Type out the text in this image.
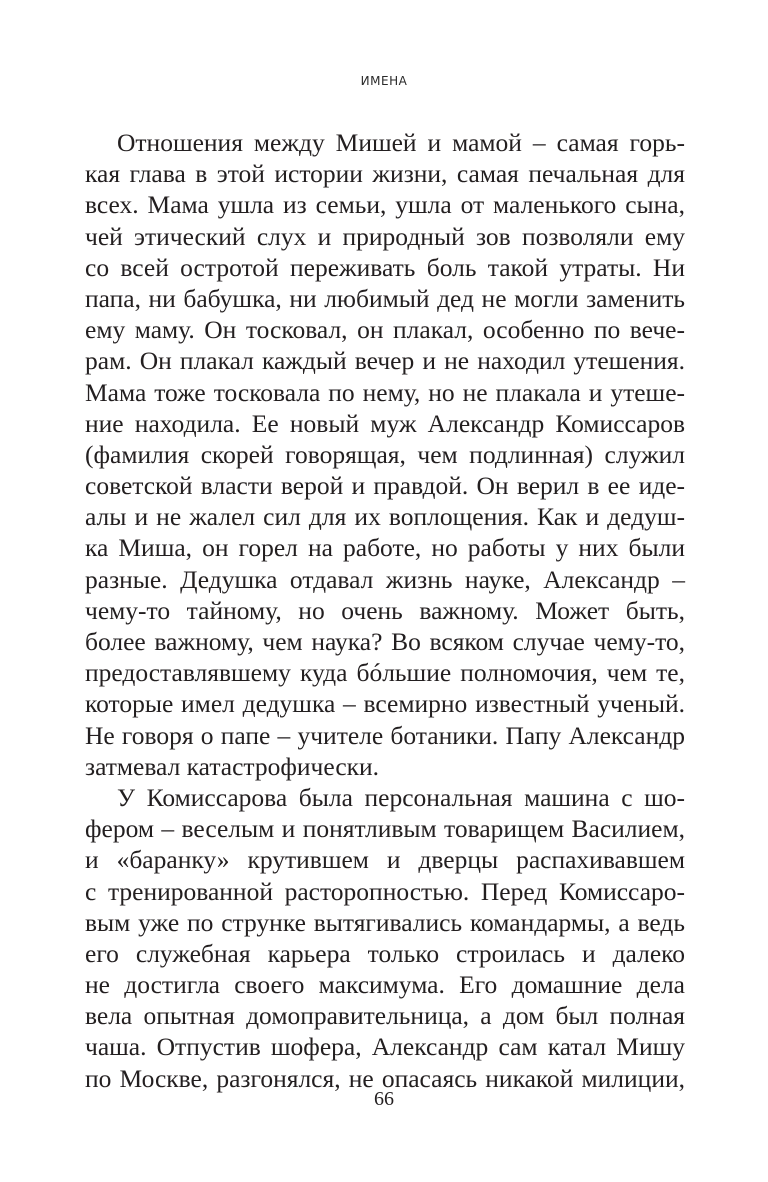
ИМЕНА
Отношения между Мишей и мамой – самая горь-
кая глава в этой истории жизни, самая печальная для
всех. Мама ушла из семьи, ушла от маленького сына,
чей этический слух и природный зов позволяли ему
со всей остротой переживать боль такой утраты. Ни
папа, ни бабушка, ни любимый дед не могли заменить
ему маму. Он тосковал, он плакал, особенно по вече-
рам. Он плакал каждый вечер и не находил утешения.
Мама тоже тосковала по нему, но не плакала и утеше-
ние находила. Ее новый муж Александр Комиссаров
(фамилия скорей говорящая, чем подлинная) служил
советской власти верой и правдой. Он верил в ее иде-
алы и не жалел сил для их воплощения. Как и дедуш-
ка Миша, он горел на работе, но работы у них были
разные. Дедушка отдавал жизнь науке, Александр –
чему-то тайному, но очень важному. Может быть,
более важному, чем наука? Во всяком случае чему-то,
предоставлявшему куда бóльшие полномочия, чем те,
которые имел дедушка – всемирно известный ученый.
Не говоря о папе – учителе ботаники. Папу Александр
затмевал катастрофически.
У Комиссарова была персональная машина с шо-
фером – веселым и понятливым товарищем Василием,
и «баранку» крутившем и дверцы распахивавшем
с тренированной расторопностью. Перед Комиссаро-
вым уже по струнке вытягивались командармы, а ведь
его служебная карьера только строилась и далеко
не достигла своего максимума. Его домашние дела
вела опытная домоправительница, а дом был полная
чаша. Отпустив шофера, Александр сам катал Мишу
по Москве, разгонялся, не опасаясь никакой милиции,
66
